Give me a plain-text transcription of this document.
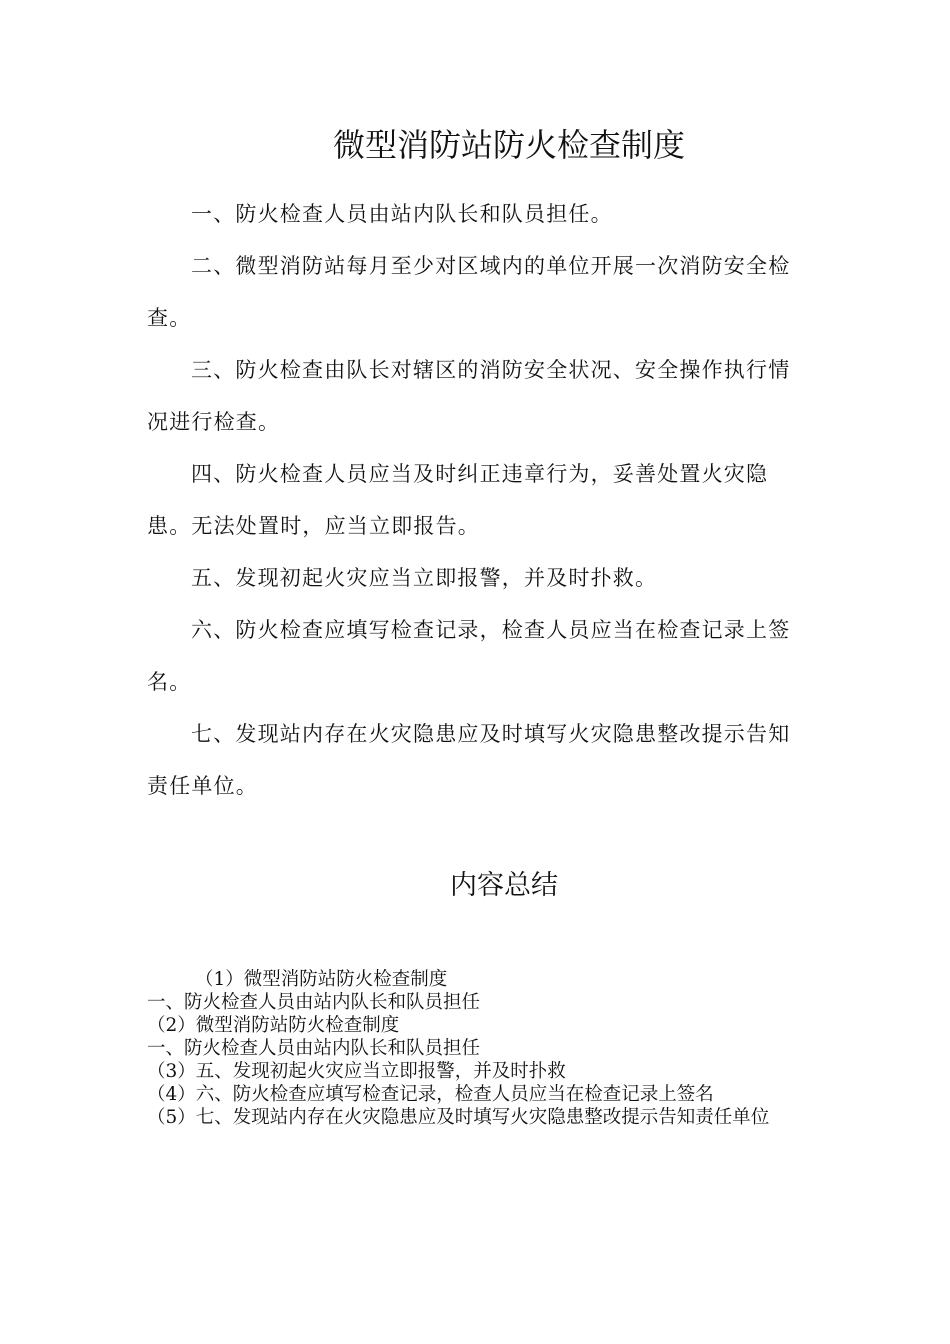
微型消防站防火检查制度

一、防火检查人员由站内队长和队员担任。

二、微型消防站每月至少对区域内的单位开展一次消防安全检查。

三、防火检查由队长对辖区的消防安全状况、安全操作执行情况进行检查。

四、防火检查人员应当及时纠正违章行为，妥善处置火灾隐患。无法处置时，应当立即报告。

五、发现初起火灾应当立即报警，并及时扑救。

六、防火检查应填写检查记录，检查人员应当在检查记录上签名。

七、发现站内存在火灾隐患应及时填写火灾隐患整改提示告知责任单位。

内容总结

（1）微型消防站防火检查制度

一、防火检查人员由站内队长和队员担任

（2）微型消防站防火检查制度

一、防火检查人员由站内队长和队员担任

（3）五、发现初起火灾应当立即报警，并及时扑救

（4）六、防火检查应填写检查记录，检查人员应当在检查记录上签名

（5）七、发现站内存在火灾隐患应及时填写火灾隐患整改提示告知责任单位
